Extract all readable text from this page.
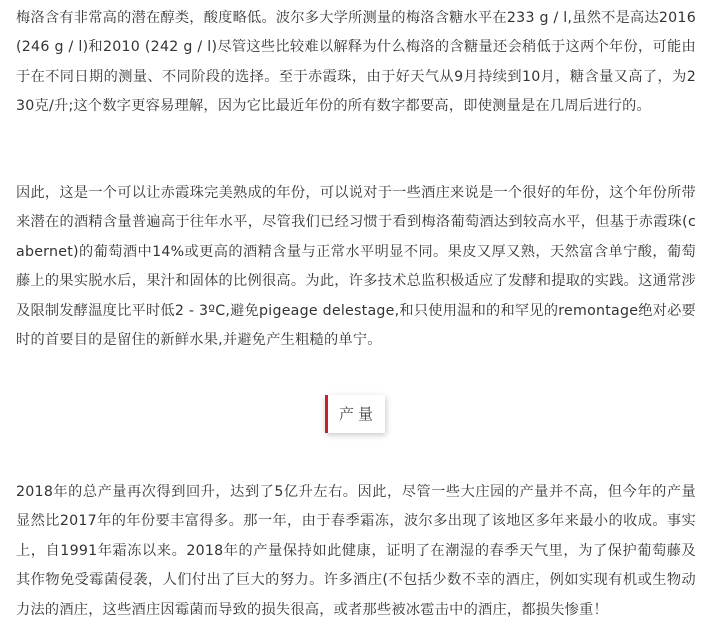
梅洛含有非常高的潜在醇类，酸度略低。波尔多大学所测量的梅洛含糖水平在233 g / l,虽然不是高达2016 (246 g / l)和2010 (242 g / l)尽管这些比较难以解释为什么梅洛的含糖量还会稍低于这两个年份，可能由于在不同日期的测量、不同阶段的选择。至于赤霞珠，由于好天气从9月持续到10月，糖含量又高了，为230克/升;这个数字更容易理解，因为它比最近年份的所有数字都要高，即使测量是在几周后进行的。

因此，这是一个可以让赤霞珠完美熟成的年份，可以说对于一些酒庄来说是一个很好的年份，这个年份所带来潜在的酒精含量普遍高于往年水平，尽管我们已经习惯于看到梅洛葡萄酒达到较高水平，但基于赤霞珠(cabernet)的葡萄酒中14%或更高的酒精含量与正常水平明显不同。果皮又厚又熟，天然富含单宁酸，葡萄藤上的果实脱水后，果汁和固体的比例很高。为此，许多技术总监积极适应了发酵和提取的实践。这通常涉及限制发酵温度比平时低2 - 3ºC,避免pigeage delestage,和只使用温和的和罕见的remontage绝对必要时的首要目的是留住的新鲜水果,并避免产生粗糙的单宁。

产量

2018年的总产量再次得到回升，达到了5亿升左右。因此，尽管一些大庄园的产量并不高，但今年的产量显然比2017年的年份要丰富得多。那一年，由于春季霜冻，波尔多出现了该地区多年来最小的收成。事实上，自1991年霜冻以来。2018年的产量保持如此健康，证明了在潮湿的春季天气里，为了保护葡萄藤及其作物免受霉菌侵袭，人们付出了巨大的努力。许多酒庄(不包括少数不幸的酒庄，例如实现有机或生物动力法的酒庄，这些酒庄因霉菌而导致的损失很高，或者那些被冰雹击中的酒庄，都损失惨重！
